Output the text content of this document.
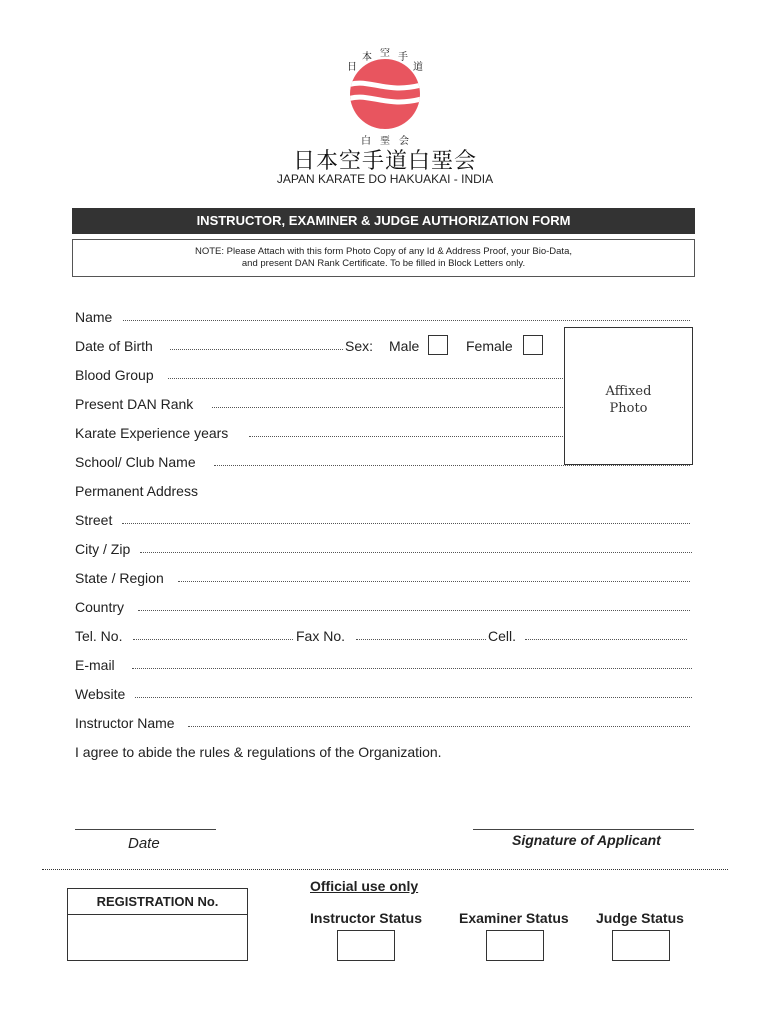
日
本 空 手
道
白 堊 会
日本空手道白堊会
JAPAN KARATE DO HAKUAKAI - INDIA
INSTRUCTOR, EXAMINER & JUDGE AUTHORIZATION FORM
NOTE: Please Attach with this form Photo Copy of any Id & Address Proof, your Bio-Data,
and present DAN Rank Certificate. To be filled in Block Letters only.
Name
Date of Birth	Sex: Male	Female
Blood Group
Present DAN Rank
Karate Experience years
School/ Club Name
Affixed
Photo
Permanent Address
Street
City / Zip
State / Region
Country
Tel. No.	Fax No.	Cell.
E-mail
Website
Instructor Name
I agree to abide the rules & regulations of the Organization.
Date	Signature of Applicant
REGISTRATION No.
Official use only
Instructor Status	Examiner Status Judge Status
